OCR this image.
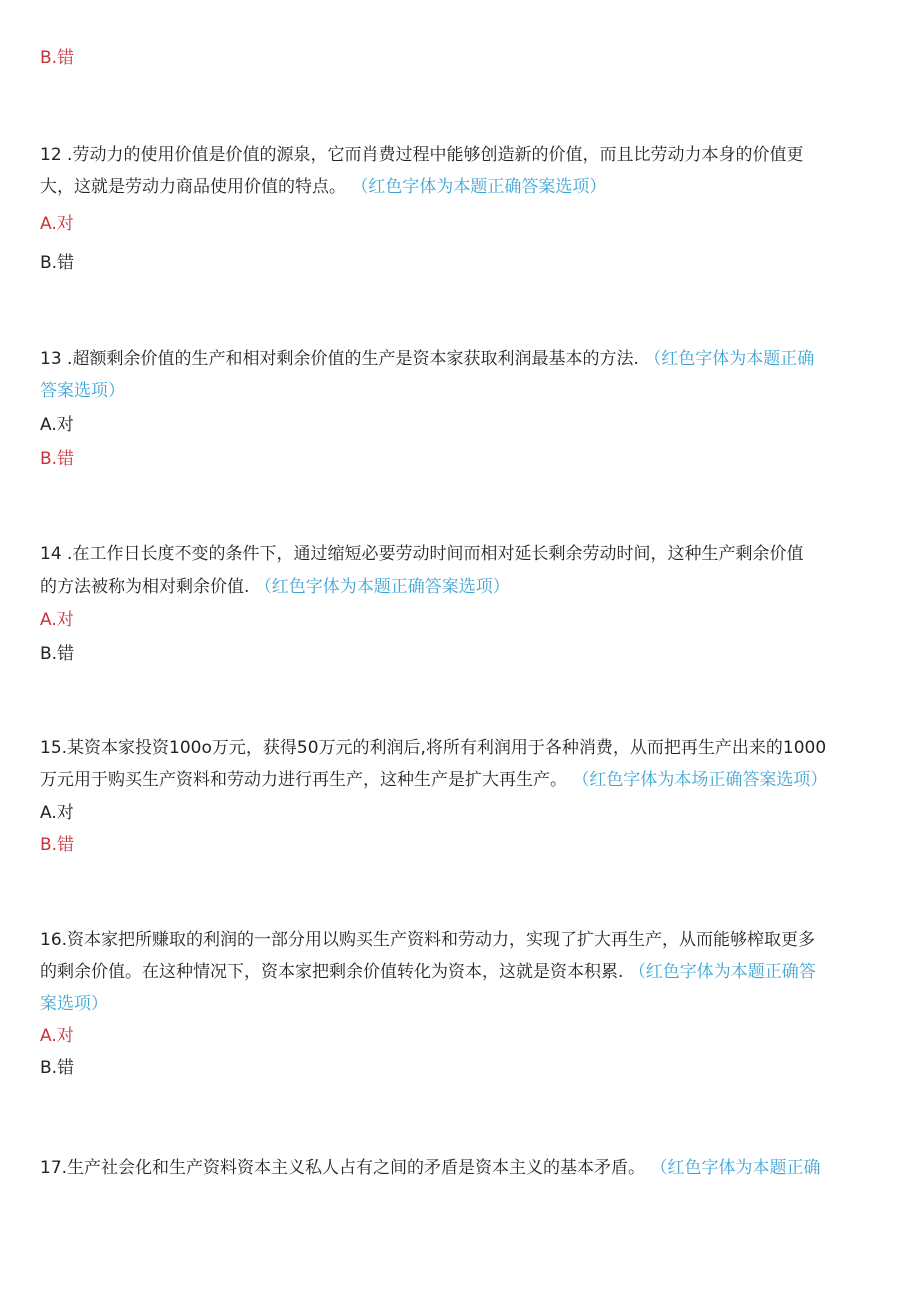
B.错
12 .劳动力的使用价值是价值的源泉，它而肖费过程中能够创造新的价值，而且比劳动力本身的价值更
大，这就是劳动力商品使用价值的特点。 （红色字体为本题正确答案选项）
A.对
B.错
13 .超额剩余价值的生产和相对剩余价值的生产是资本家获取利润最基本的方法. （红色字体为本题正确
答案选项）
A.对
B.错
14 .在工作日长度不变的条件下，通过缩短必要劳动时间而相对延长剩余劳动时间，这种生产剩余价值
的方法被称为相对剩余价值. （红色字体为本题正确答案选项）
A.对
B.错
15.某资本家投资100o万元，获得50万元的利润后,将所有利润用于各种消费，从而把再生产出来的1000
万元用于购买生产资料和劳动力进行再生产，这种生产是扩大再生产。 （红色字体为本场正确答案选项）
A.对
B.错
16.资本家把所赚取的利润的一部分用以购买生产资料和劳动力，实现了扩大再生产，从而能够榨取更多
的剩余价值。在这种情况下，资本家把剩余价值转化为资本，这就是资本积累. （红色字体为本题正确答
案选项）
A.对
B.错
17.生产社会化和生产资料资本主义私人占有之间的矛盾是资本主义的基本矛盾。 （红色字体为本题正确
